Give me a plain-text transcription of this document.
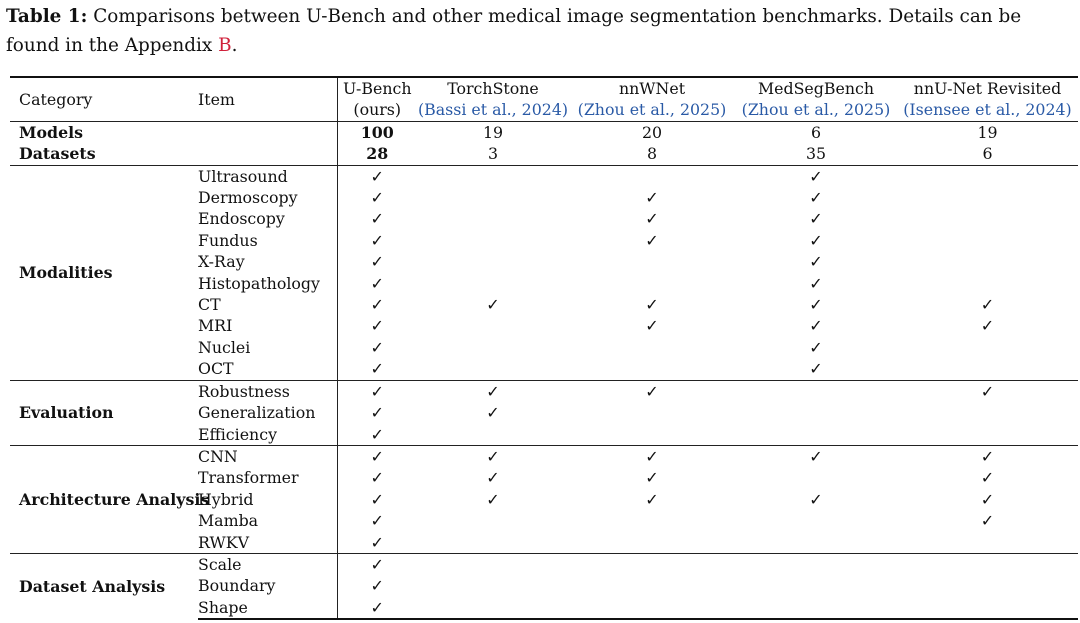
Table 1: Comparisons between U-Bench and other medical image segmentation benchmarks. Details can be found in the Appendix B.
Category	Item	U-Bench	TorchStone	nnWNet	MedSegBench	nnU-Net Revisited
		(ours)	(Bassi et al., 2024)	(Zhou et al., 2025)	(Zhou et al., 2025)	(Isensee et al., 2024)
Models		100	19	20	6	19
Datasets		28	3	8	35	6
Modalities	Ultrasound	✓			✓	
	Dermoscopy	✓		✓	✓	
	Endoscopy	✓		✓	✓	
	Fundus	✓		✓	✓	
	X-Ray	✓			✓	
	Histopathology	✓			✓	
	CT	✓	✓	✓	✓	✓
	MRI	✓		✓	✓	✓
	Nuclei	✓			✓	
	OCT	✓			✓	
Evaluation	Robustness	✓	✓	✓		✓
	Generalization	✓	✓			
	Efficiency	✓				
Architecture Analysis	CNN	✓	✓	✓	✓	✓
	Transformer	✓	✓	✓		✓
	Hybrid	✓	✓	✓	✓	✓
	Mamba	✓				✓
	RWKV	✓				
Dataset Analysis	Scale	✓				
	Boundary	✓				
	Shape	✓				
